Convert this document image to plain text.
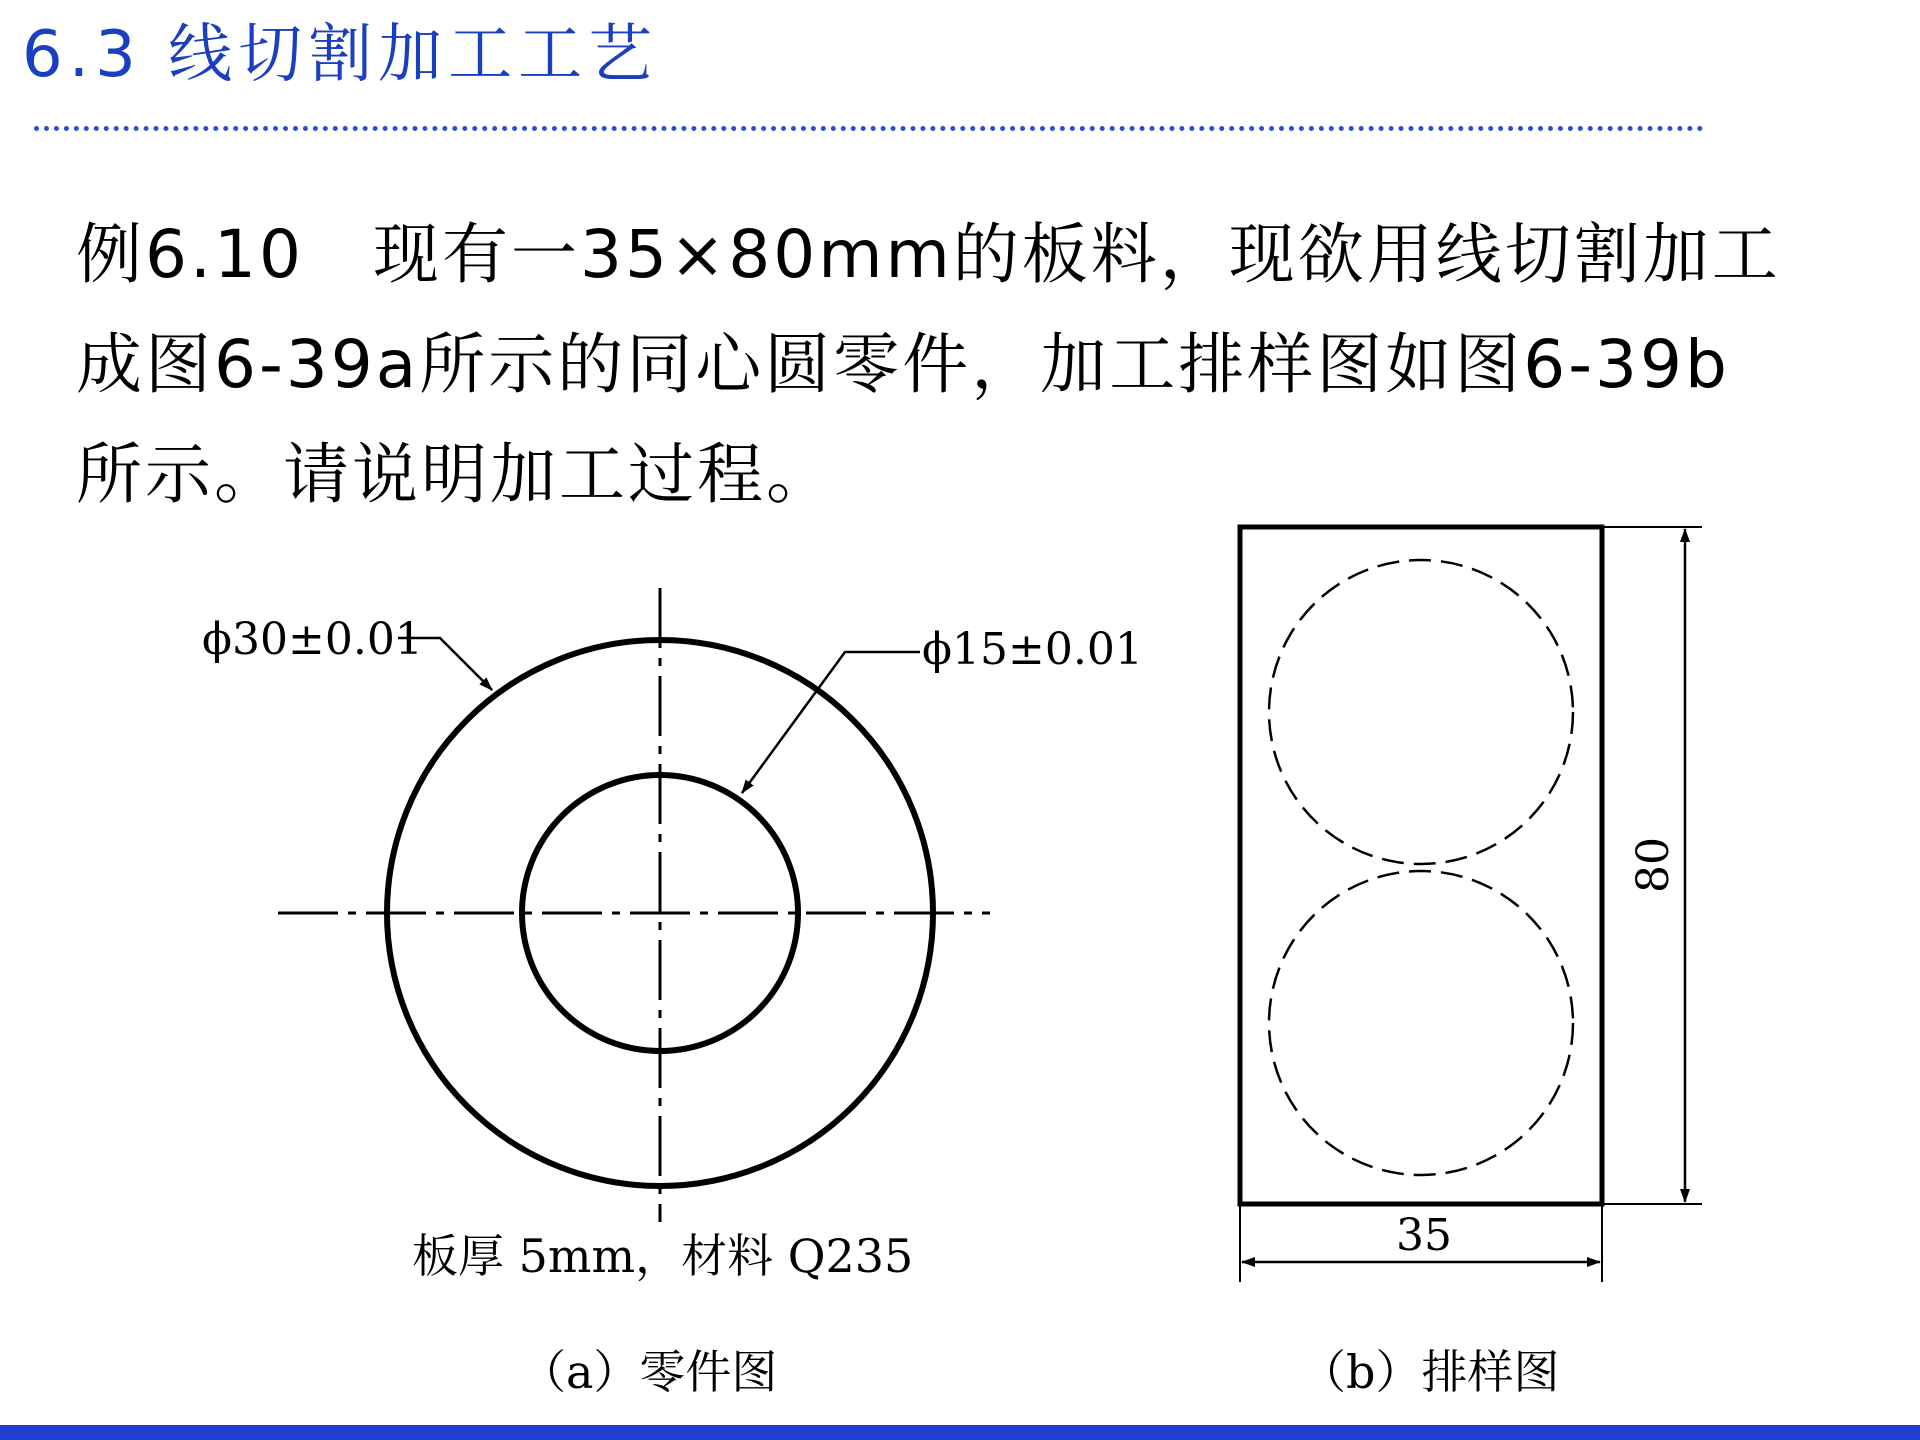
6.3 线切割加工工艺
例6.10　现有一35×80mm的板料，现欲用线切割加工
成图6-39a所示的同心圆零件，加工排样图如图6-39b
所示。请说明加工过程。
ϕ30±0.01	ϕ15±0.01
板厚 5mm，材料 Q235
（a）零件图
80
35
（b）排样图
